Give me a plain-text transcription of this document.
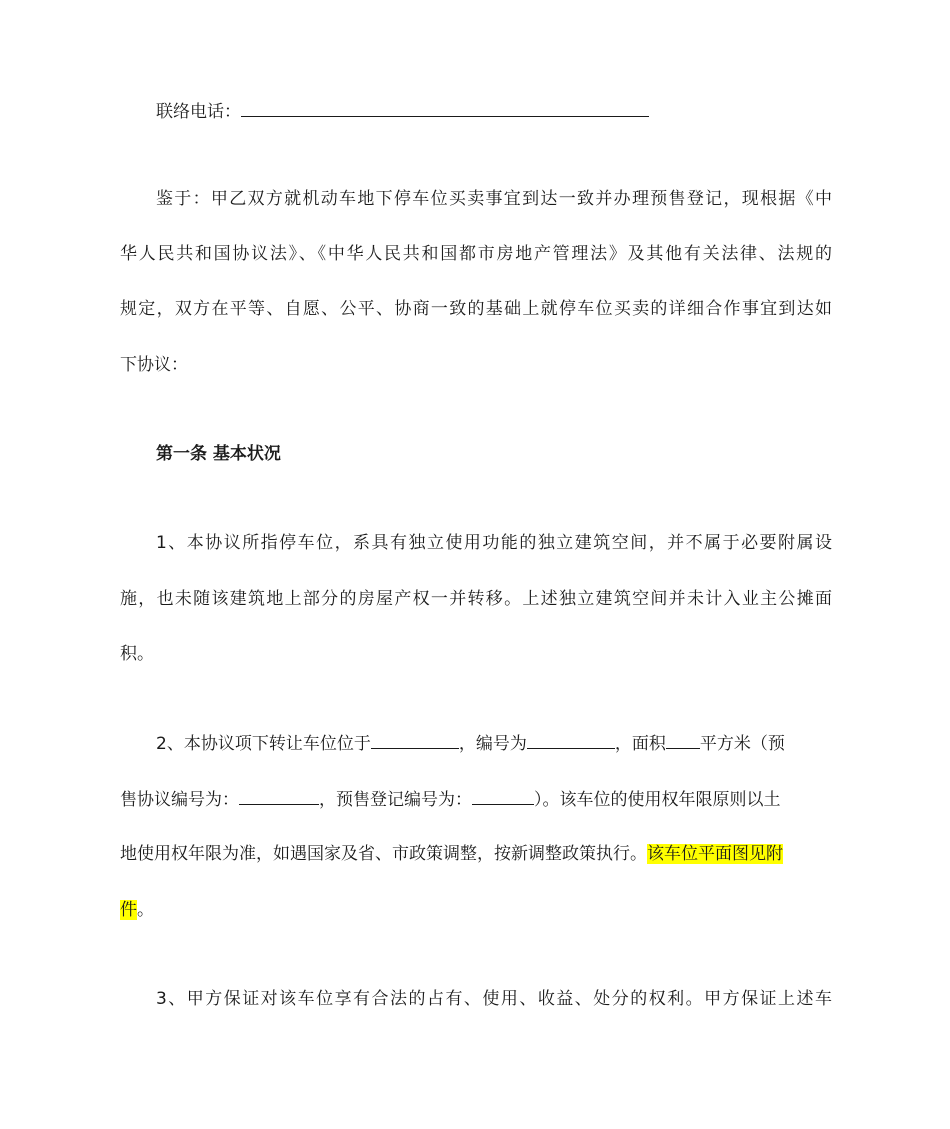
联络电话：
鉴于：甲乙双方就机动车地下停车位买卖事宜到达一致并办理预售登记，现根据《中
华人民共和国协议法》、《中华人民共和国都市房地产管理法》及其他有关法律、法规的
规定，双方在平等、自愿、公平、协商一致的基础上就停车位买卖的详细合作事宜到达如
下协议：
第一条 基本状况
1、本协议所指停车位，系具有独立使用功能的独立建筑空间，并不属于必要附属设
施，也未随该建筑地上部分的房屋产权一并转移。上述独立建筑空间并未计入业主公摊面
积。
2、本协议项下转让车位位于	，编号为	，面积 平方米（预
售协议编号为：	，预售登记编号为：	）。该车位的使用权年限原则以土
地使用权年限为准，如遇国家及省、市政策调整，按新调整政策执行。该车位平面图见附
件。
3、甲方保证对该车位享有合法的占有、使用、收益、处分的权利。甲方保证上述车
